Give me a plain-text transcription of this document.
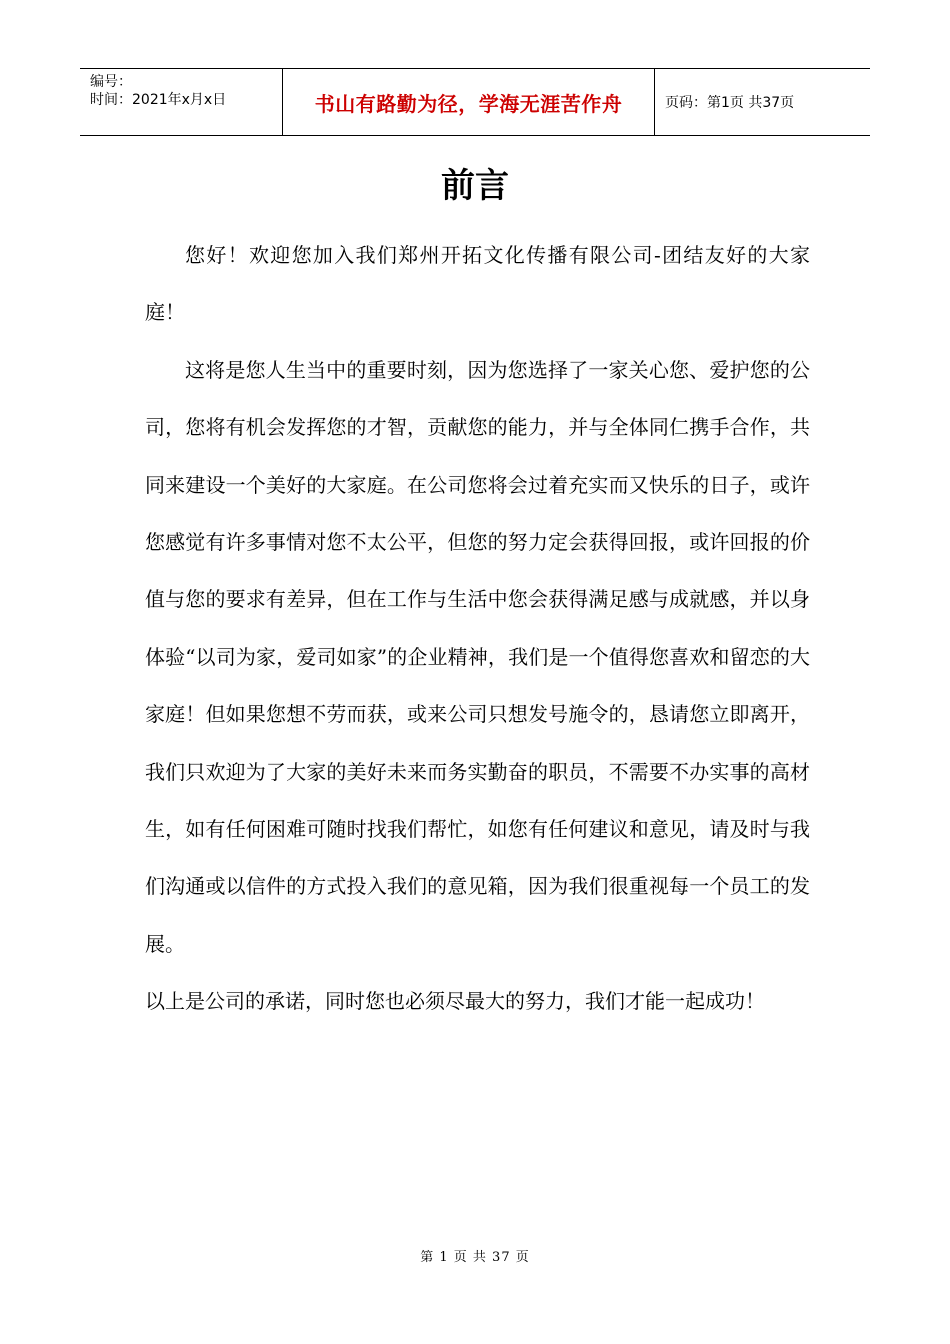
编号：
时间：2021年x月x日	书山有路勤为径，学海无涯苦作舟	页码：第1页 共37页
前言

您好！欢迎您加入我们郑州开拓文化传播有限公司-团结友好的大家庭！

这将是您人生当中的重要时刻，因为您选择了一家关心您、爱护您的公司，您将有机会发挥您的才智，贡献您的能力，并与全体同仁携手合作，共同来建设一个美好的大家庭。在公司您将会过着充实而又快乐的日子，或许您感觉有许多事情对您不太公平，但您的努力定会获得回报，或许回报的价值与您的要求有差异，但在工作与生活中您会获得满足感与成就感，并以身体验“以司为家，爱司如家”的企业精神，我们是一个值得您喜欢和留恋的大家庭！但如果您想不劳而获，或来公司只想发号施令的，恳请您立即离开，我们只欢迎为了大家的美好未来而务实勤奋的职员，不需要不办实事的高材生，如有任何困难可随时找我们帮忙，如您有任何建议和意见，请及时与我们沟通或以信件的方式投入我们的意见箱，因为我们很重视每一个员工的发展。

以上是公司的承诺，同时您也必须尽最大的努力，我们才能一起成功！

第 1 页 共 37 页
